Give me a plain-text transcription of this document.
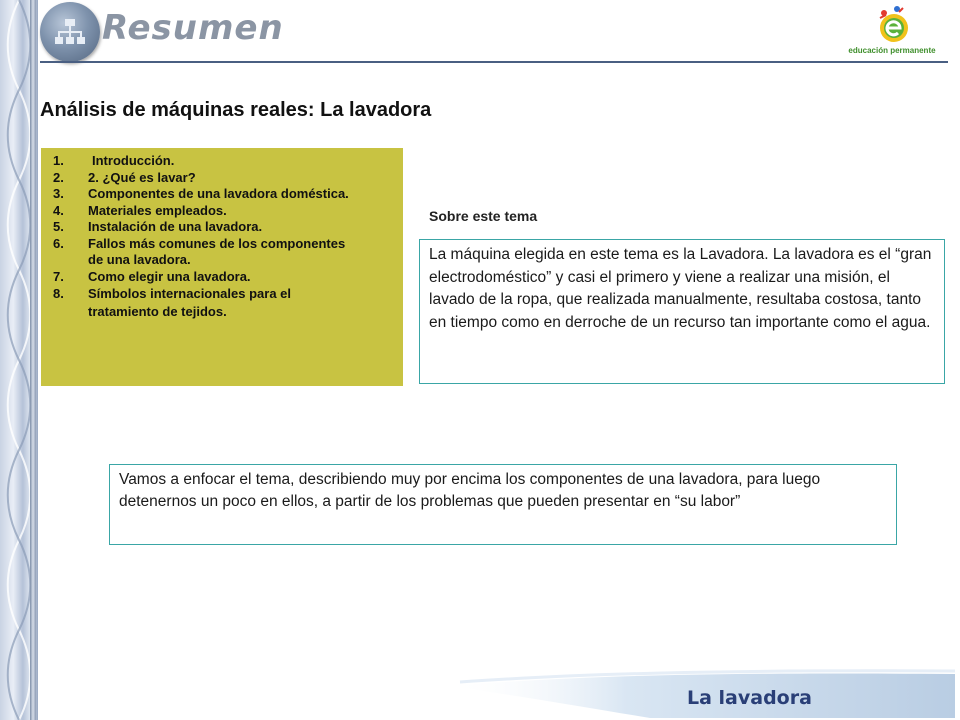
Resumen
educación permanente
Análisis de máquinas reales: La lavadora
1. Introducción.
2. 2. ¿Qué es lavar?
3. Componentes de una lavadora doméstica.
4. Materiales empleados.
5. Instalación de una lavadora.
6. Fallos más comunes de los componentes de una lavadora.
7. Como elegir una lavadora.
8. Símbolos internacionales para el tratamiento de tejidos.
Sobre este tema
La máquina elegida en este tema es la Lavadora. La lavadora es el “gran electrodoméstico” y casi el primero y viene a realizar una misión, el lavado de la ropa, que realizada manualmente, resultaba costosa, tanto en tiempo como en derroche de un recurso tan importante como el agua.
Vamos a enfocar el tema, describiendo muy por encima los componentes de una lavadora, para luego detenernos un poco en ellos, a partir de los problemas que pueden presentar en “su labor”
La lavadora
